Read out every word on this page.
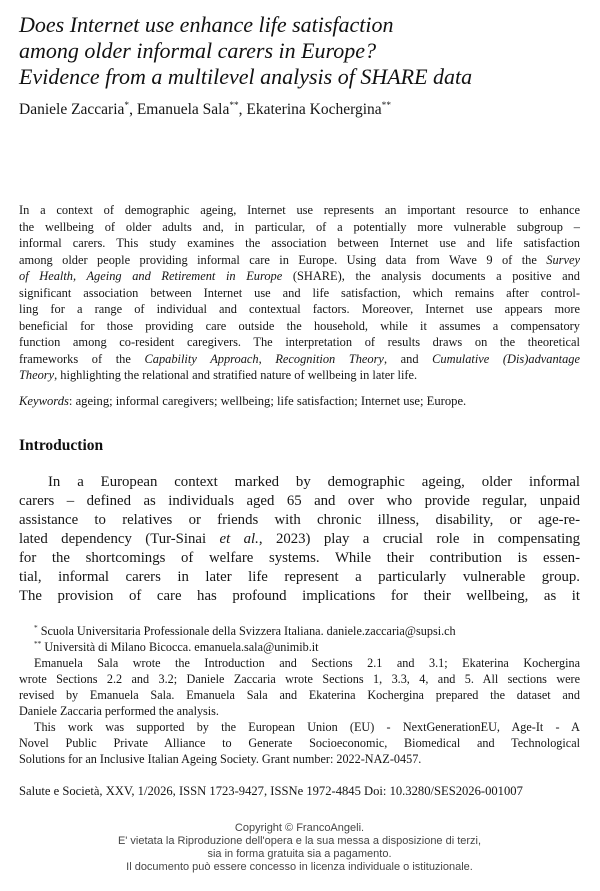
Does Internet use enhance life satisfaction
among older informal carers in Europe?
Evidence from a multilevel analysis of SHARE data
Daniele Zaccaria*, Emanuela Sala**, Ekaterina Kochergina**
In a context of demographic ageing, Internet use represents an important resource to enhance
the wellbeing of older adults and, in particular, of a potentially more vulnerable subgroup –
informal carers. This study examines the association between Internet use and life satisfaction
among older people providing informal care in Europe. Using data from Wave 9 of the Survey
of Health, Ageing and Retirement in Europe (SHARE), the analysis documents a positive and
significant association between Internet use and life satisfaction, which remains after control-
ling for a range of individual and contextual factors. Moreover, Internet use appears more
beneficial for those providing care outside the household, while it assumes a compensatory
function among co-resident caregivers. The interpretation of results draws on the theoretical
frameworks of the Capability Approach, Recognition Theory, and Cumulative (Dis)advantage
Theory, highlighting the relational and stratified nature of wellbeing in later life.
Keywords: ageing; informal caregivers; wellbeing; life satisfaction; Internet use; Europe.
Introduction
In a European context marked by demographic ageing, older informal
carers – defined as individuals aged 65 and over who provide regular, unpaid
assistance to relatives or friends with chronic illness, disability, or age-re-
lated dependency (Tur-Sinai et al., 2023) play a crucial role in compensating
for the shortcomings of welfare systems. While their contribution is essen-
tial, informal carers in later life represent a particularly vulnerable group.
The provision of care has profound implications for their wellbeing, as it
* Scuola Universitaria Professionale della Svizzera Italiana. daniele.zaccaria@supsi.ch
** Università di Milano Bicocca. emanuela.sala@unimib.it
Emanuela Sala wrote the Introduction and Sections 2.1 and 3.1; Ekaterina Kochergina
wrote Sections 2.2 and 3.2; Daniele Zaccaria wrote Sections 1, 3.3, 4, and 5. All sections were
revised by Emanuela Sala. Emanuela Sala and Ekaterina Kochergina prepared the dataset and
Daniele Zaccaria performed the analysis.
This work was supported by the European Union (EU) - NextGenerationEU, Age-It - A
Novel Public Private Alliance to Generate Socioeconomic, Biomedical and Technological
Solutions for an Inclusive Italian Ageing Society. Grant number: 2022-NAZ-0457.
Salute e Società, XXV, 1/2026, ISSN 1723-9427, ISSNe 1972-4845 Doi: 10.3280/SES2026-001007
Copyright © FrancoAngeli.
E' vietata la Riproduzione dell'opera e la sua messa a disposizione di terzi,
sia in forma gratuita sia a pagamento.
Il documento può essere concesso in licenza individuale o istituzionale.
